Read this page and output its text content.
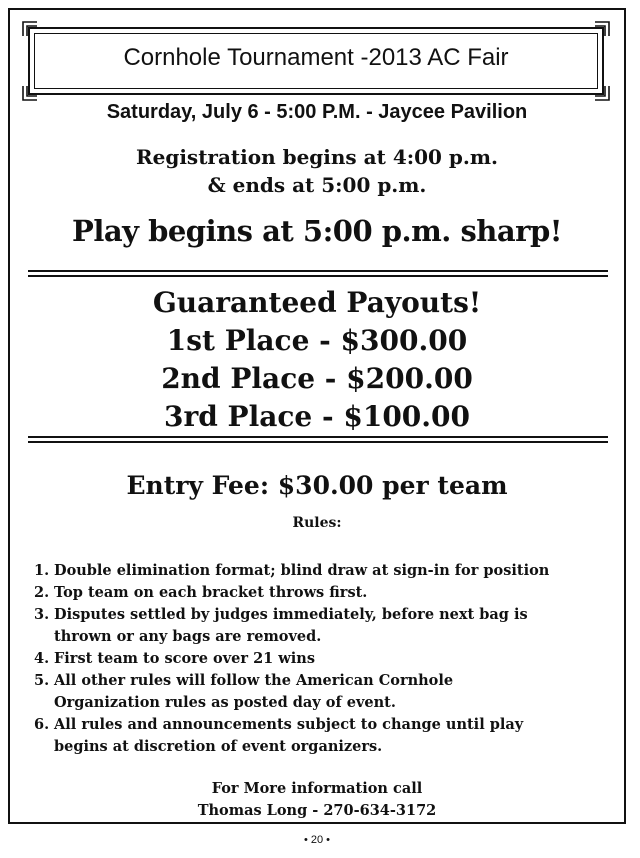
Cornhole Tournament -2013 AC Fair
Saturday, July 6 - 5:00 P.M. - Jaycee Pavilion
Registration begins at 4:00 p.m.
& ends at 5:00 p.m.
Play begins at 5:00 p.m. sharp!
Guaranteed Payouts!
1st Place - $300.00
2nd Place - $200.00
3rd Place - $100.00
Entry Fee: $30.00 per team
Rules:
1. Double elimination format; blind draw at sign-in for position
2. Top team on each bracket throws first.
3. Disputes settled by judges immediately, before next bag is
thrown or any bags are removed.
4. First team to score over 21 wins
5. All other rules will follow the American Cornhole
Organization rules as posted day of event.
6. All rules and announcements subject to change until play
begins at discretion of event organizers.
For More information call
Thomas Long - 270-634-3172
• 20 •
